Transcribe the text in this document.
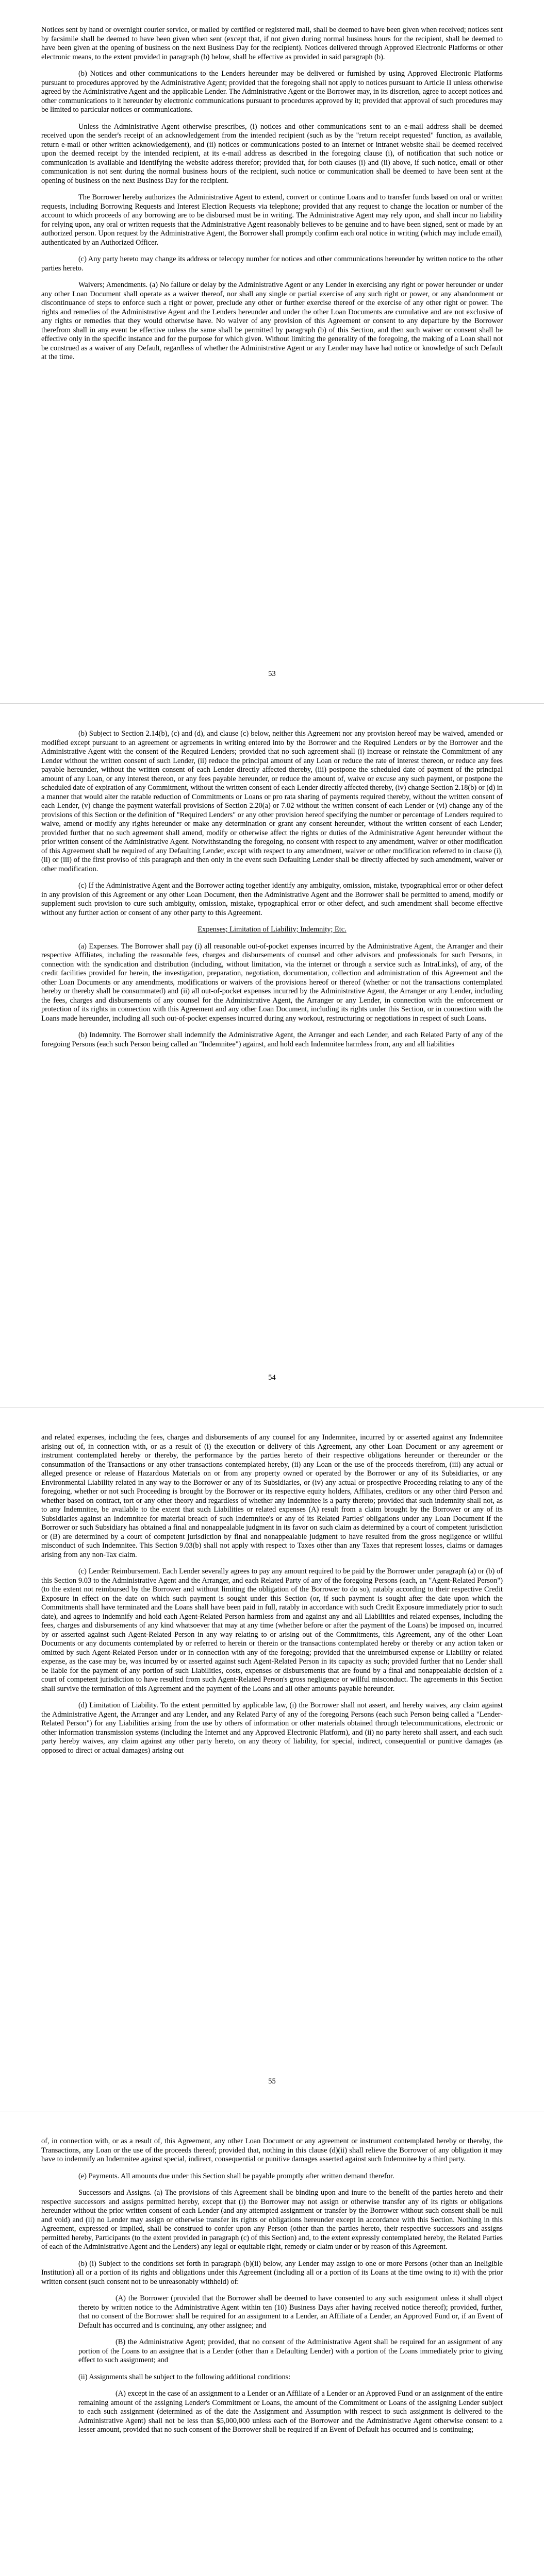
Notices sent by hand or overnight courier service, or mailed by certified or registered mail, shall be deemed to have been given when received; notices sent by facsimile shall be deemed to have been given when sent (except that, if not given during normal business hours for the recipient, shall be deemed to have been given at the opening of business on the next Business Day for the recipient). Notices delivered through Approved Electronic Platforms or other electronic means, to the extent provided in paragraph (b) below, shall be effective as provided in said paragraph (b).

(b) Notices and other communications to the Lenders hereunder may be delivered or furnished by using Approved Electronic Platforms pursuant to procedures approved by the Administrative Agent; provided that the foregoing shall not apply to notices pursuant to Article II unless otherwise agreed by the Administrative Agent and the applicable Lender. The Administrative Agent or the Borrower may, in its discretion, agree to accept notices and other communications to it hereunder by electronic communications pursuant to procedures approved by it; provided that approval of such procedures may be limited to particular notices or communications.

Unless the Administrative Agent otherwise prescribes, (i) notices and other communications sent to an e-mail address shall be deemed received upon the sender's receipt of an acknowledgement from the intended recipient (such as by the "return receipt requested" function, as available, return e-mail or other written acknowledgement), and (ii) notices or communications posted to an Internet or intranet website shall be deemed received upon the deemed receipt by the intended recipient, at its e-mail address as described in the foregoing clause (i), of notification that such notice or communication is available and identifying the website address therefor; provided that, for both clauses (i) and (ii) above, if such notice, email or other communication is not sent during the normal business hours of the recipient, such notice or communication shall be deemed to have been sent at the opening of business on the next Business Day for the recipient.

The Borrower hereby authorizes the Administrative Agent to extend, convert or continue Loans and to transfer funds based on oral or written requests, including Borrowing Requests and Interest Election Requests via telephone; provided that any request to change the location or number of the account to which proceeds of any borrowing are to be disbursed must be in writing. The Administrative Agent may rely upon, and shall incur no liability for relying upon, any oral or written requests that the Administrative Agent reasonably believes to be genuine and to have been signed, sent or made by an authorized person. Upon request by the Administrative Agent, the Borrower shall promptly confirm each oral notice in writing (which may include email), authenticated by an Authorized Officer.

(c) Any party hereto may change its address or telecopy number for notices and other communications hereunder by written notice to the other parties hereto.

Waivers; Amendments. (a) No failure or delay by the Administrative Agent or any Lender in exercising any right or power hereunder or under any other Loan Document shall operate as a waiver thereof, nor shall any single or partial exercise of any such right or power, or any abandonment or discontinuance of steps to enforce such a right or power, preclude any other or further exercise thereof or the exercise of any other right or power. The rights and remedies of the Administrative Agent and the Lenders hereunder and under the other Loan Documents are cumulative and are not exclusive of any rights or remedies that they would otherwise have. No waiver of any provision of this Agreement or consent to any departure by the Borrower therefrom shall in any event be effective unless the same shall be permitted by paragraph (b) of this Section, and then such waiver or consent shall be effective only in the specific instance and for the purpose for which given. Without limiting the generality of the foregoing, the making of a Loan shall not be construed as a waiver of any Default, regardless of whether the Administrative Agent or any Lender may have had notice or knowledge of such Default at the time.

53

(b) Subject to Section 2.14(b), (c) and (d), and clause (c) below, neither this Agreement nor any provision hereof may be waived, amended or modified except pursuant to an agreement or agreements in writing entered into by the Borrower and the Required Lenders or by the Borrower and the Administrative Agent with the consent of the Required Lenders; provided that no such agreement shall (i) increase or reinstate the Commitment of any Lender without the written consent of such Lender, (ii) reduce the principal amount of any Loan or reduce the rate of interest thereon, or reduce any fees payable hereunder, without the written consent of each Lender directly affected thereby, (iii) postpone the scheduled date of payment of the principal amount of any Loan, or any interest thereon, or any fees payable hereunder, or reduce the amount of, waive or excuse any such payment, or postpone the scheduled date of expiration of any Commitment, without the written consent of each Lender directly affected thereby, (iv) change Section 2.18(b) or (d) in a manner that would alter the ratable reduction of Commitments or Loans or pro rata sharing of payments required thereby, without the written consent of each Lender, (v) change the payment waterfall provisions of Section 2.20(a) or 7.02 without the written consent of each Lender or (vi) change any of the provisions of this Section or the definition of "Required Lenders" or any other provision hereof specifying the number or percentage of Lenders required to waive, amend or modify any rights hereunder or make any determination or grant any consent hereunder, without the written consent of each Lender; provided further that no such agreement shall amend, modify or otherwise affect the rights or duties of the Administrative Agent hereunder without the prior written consent of the Administrative Agent. Notwithstanding the foregoing, no consent with respect to any amendment, waiver or other modification of this Agreement shall be required of any Defaulting Lender, except with respect to any amendment, waiver or other modification referred to in clause (i), (ii) or (iii) of the first proviso of this paragraph and then only in the event such Defaulting Lender shall be directly affected by such amendment, waiver or other modification.

(c) If the Administrative Agent and the Borrower acting together identify any ambiguity, omission, mistake, typographical error or other defect in any provision of this Agreement or any other Loan Document, then the Administrative Agent and the Borrower shall be permitted to amend, modify or supplement such provision to cure such ambiguity, omission, mistake, typographical error or other defect, and such amendment shall become effective without any further action or consent of any other party to this Agreement.

Expenses; Limitation of Liability; Indemnity; Etc.

(a) Expenses. The Borrower shall pay (i) all reasonable out-of-pocket expenses incurred by the Administrative Agent, the Arranger and their respective Affiliates, including the reasonable fees, charges and disbursements of counsel and other advisors and professionals for such Persons, in connection with the syndication and distribution (including, without limitation, via the internet or through a service such as IntraLinks), of any, of the credit facilities provided for herein, the investigation, preparation, negotiation, documentation, collection and administration of this Agreement and the other Loan Documents or any amendments, modifications or waivers of the provisions hereof or thereof (whether or not the transactions contemplated hereby or thereby shall be consummated) and (ii) all out-of-pocket expenses incurred by the Administrative Agent, the Arranger or any Lender, including the fees, charges and disbursements of any counsel for the Administrative Agent, the Arranger or any Lender, in connection with the enforcement or protection of its rights in connection with this Agreement and any other Loan Document, including its rights under this Section, or in connection with the Loans made hereunder, including all such out-of-pocket expenses incurred during any workout, restructuring or negotiations in respect of such Loans.

(b) Indemnity. The Borrower shall indemnify the Administrative Agent, the Arranger and each Lender, and each Related Party of any of the foregoing Persons (each such Person being called an "Indemnitee") against, and hold each Indemnitee harmless from, any and all liabilities

54

and related expenses, including the fees, charges and disbursements of any counsel for any Indemnitee, incurred by or asserted against any Indemnitee arising out of, in connection with, or as a result of (i) the execution or delivery of this Agreement, any other Loan Document or any agreement or instrument contemplated hereby or thereby, the performance by the parties hereto of their respective obligations hereunder or thereunder or the consummation of the Transactions or any other transactions contemplated hereby, (ii) any Loan or the use of the proceeds therefrom, (iii) any actual or alleged presence or release of Hazardous Materials on or from any property owned or operated by the Borrower or any of its Subsidiaries, or any Environmental Liability related in any way to the Borrower or any of its Subsidiaries, or (iv) any actual or prospective Proceeding relating to any of the foregoing, whether or not such Proceeding is brought by the Borrower or its respective equity holders, Affiliates, creditors or any other third Person and whether based on contract, tort or any other theory and regardless of whether any Indemnitee is a party thereto; provided that such indemnity shall not, as to any Indemnitee, be available to the extent that such Liabilities or related expenses (A) result from a claim brought by the Borrower or any of its Subsidiaries against an Indemnitee for material breach of such Indemnitee's or any of its Related Parties' obligations under any Loan Document if the Borrower or such Subsidiary has obtained a final and nonappealable judgment in its favor on such claim as determined by a court of competent jurisdiction or (B) are determined by a court of competent jurisdiction by final and nonappealable judgment to have resulted from the gross negligence or willful misconduct of such Indemnitee. This Section 9.03(b) shall not apply with respect to Taxes other than any Taxes that represent losses, claims or damages arising from any non-Tax claim.

(c) Lender Reimbursement. Each Lender severally agrees to pay any amount required to be paid by the Borrower under paragraph (a) or (b) of this Section 9.03 to the Administrative Agent and the Arranger, and each Related Party of any of the foregoing Persons (each, an "Agent-Related Person") (to the extent not reimbursed by the Borrower and without limiting the obligation of the Borrower to do so), ratably according to their respective Credit Exposure in effect on the date on which such payment is sought under this Section (or, if such payment is sought after the date upon which the Commitments shall have terminated and the Loans shall have been paid in full, ratably in accordance with such Credit Exposure immediately prior to such date), and agrees to indemnify and hold each Agent-Related Person harmless from and against any and all Liabilities and related expenses, including the fees, charges and disbursements of any kind whatsoever that may at any time (whether before or after the payment of the Loans) be imposed on, incurred by or asserted against such Agent-Related Person in any way relating to or arising out of the Commitments, this Agreement, any of the other Loan Documents or any documents contemplated by or referred to herein or therein or the transactions contemplated hereby or thereby or any action taken or omitted by such Agent-Related Person under or in connection with any of the foregoing; provided that the unreimbursed expense or Liability or related expense, as the case may be, was incurred by or asserted against such Agent-Related Person in its capacity as such; provided further that no Lender shall be liable for the payment of any portion of such Liabilities, costs, expenses or disbursements that are found by a final and nonappealable decision of a court of competent jurisdiction to have resulted from such Agent-Related Person's gross negligence or willful misconduct. The agreements in this Section shall survive the termination of this Agreement and the payment of the Loans and all other amounts payable hereunder.

(d) Limitation of Liability. To the extent permitted by applicable law, (i) the Borrower shall not assert, and hereby waives, any claim against the Administrative Agent, the Arranger and any Lender, and any Related Party of any of the foregoing Persons (each such Person being called a "Lender-Related Person") for any Liabilities arising from the use by others of information or other materials obtained through telecommunications, electronic or other information transmission systems (including the Internet and any Approved Electronic Platform), and (ii) no party hereto shall assert, and each such party hereby waives, any claim against any other party hereto, on any theory of liability, for special, indirect, consequential or punitive damages (as opposed to direct or actual damages) arising out

55

of, in connection with, or as a result of, this Agreement, any other Loan Document or any agreement or instrument contemplated hereby or thereby, the Transactions, any Loan or the use of the proceeds thereof; provided that, nothing in this clause (d)(ii) shall relieve the Borrower of any obligation it may have to indemnify an Indemnitee against special, indirect, consequential or punitive damages asserted against such Indemnitee by a third party.

(e) Payments. All amounts due under this Section shall be payable promptly after written demand therefor.

Successors and Assigns. (a) The provisions of this Agreement shall be binding upon and inure to the benefit of the parties hereto and their respective successors and assigns permitted hereby, except that (i) the Borrower may not assign or otherwise transfer any of its rights or obligations hereunder without the prior written consent of each Lender (and any attempted assignment or transfer by the Borrower without such consent shall be null and void) and (ii) no Lender may assign or otherwise transfer its rights or obligations hereunder except in accordance with this Section. Nothing in this Agreement, expressed or implied, shall be construed to confer upon any Person (other than the parties hereto, their respective successors and assigns permitted hereby, Participants (to the extent provided in paragraph (c) of this Section) and, to the extent expressly contemplated hereby, the Related Parties of each of the Administrative Agent and the Lenders) any legal or equitable right, remedy or claim under or by reason of this Agreement.

(b) (i) Subject to the conditions set forth in paragraph (b)(ii) below, any Lender may assign to one or more Persons (other than an Ineligible Institution) all or a portion of its rights and obligations under this Agreement (including all or a portion of its Loans at the time owing to it) with the prior written consent (such consent not to be unreasonably withheld) of:

(A) the Borrower (provided that the Borrower shall be deemed to have consented to any such assignment unless it shall object thereto by written notice to the Administrative Agent within ten (10) Business Days after having received notice thereof); provided, further, that no consent of the Borrower shall be required for an assignment to a Lender, an Affiliate of a Lender, an Approved Fund or, if an Event of Default has occurred and is continuing, any other assignee; and

(B) the Administrative Agent; provided, that no consent of the Administrative Agent shall be required for an assignment of any portion of the Loans to an assignee that is a Lender (other than a Defaulting Lender) with a portion of the Loans immediately prior to giving effect to such assignment; and

(ii) Assignments shall be subject to the following additional conditions:

(A) except in the case of an assignment to a Lender or an Affiliate of a Lender or an Approved Fund or an assignment of the entire remaining amount of the assigning Lender's Commitment or Loans, the amount of the Commitment or Loans of the assigning Lender subject to each such assignment (determined as of the date the Assignment and Assumption with respect to such assignment is delivered to the Administrative Agent) shall not be less than $5,000,000 unless each of the Borrower and the Administrative Agent otherwise consent to a lesser amount, provided that no such consent of the Borrower shall be required if an Event of Default has occurred and is continuing;
